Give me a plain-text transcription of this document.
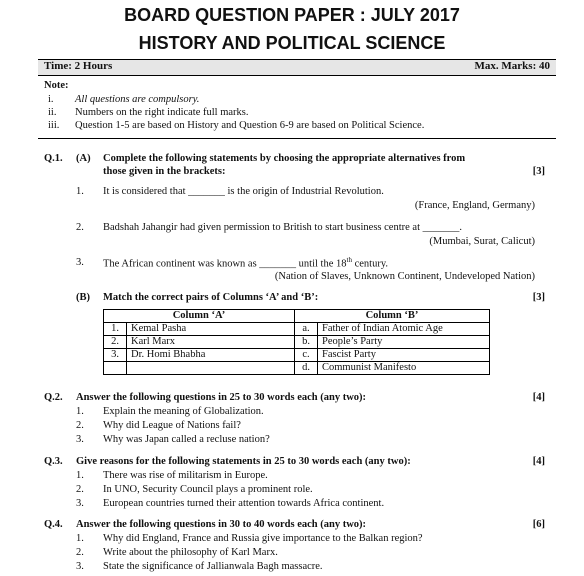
BOARD QUESTION PAPER : JULY 2017
HISTORY AND POLITICAL SCIENCE
Time: 2 Hours	Max. Marks: 40
Note:
i. All questions are compulsory.
ii. Numbers on the right indicate full marks.
iii. Question 1-5 are based on History and Question 6-9 are based on Political Science.
Q.1. (A) Complete the following statements by choosing the appropriate alternatives from
those given in the brackets:	[3]
1. It is considered that _______ is the origin of Industrial Revolution.
(France, England, Germany)
2. Badshah Jahangir had given permission to British to start business centre at _______.
(Mumbai, Surat, Calicut)
3. The African continent was known as _______ until the 18th century.
(Nation of Slaves, Unknown Continent, Undeveloped Nation)
(B) Match the correct pairs of Columns ‘A’ and ‘B’:	[3]
Column ‘A’		Column ‘B’	
1.	Kemal Pasha	a.	Father of Indian Atomic Age
2.	Karl Marx	b.	People’s Party
3.	Dr. Homi Bhabha	c.	Fascist Party
		d.	Communist Manifesto
Q.2. Answer the following questions in 25 to 30 words each (any two):	[4]
1. Explain the meaning of Globalization.
2. Why did League of Nations fail?
3. Why was Japan called a recluse nation?
Q.3. Give reasons for the following statements in 25 to 30 words each (any two):	[4]
1. There was rise of militarism in Europe.
2. In UNO, Security Council plays a prominent role.
3. European countries turned their attention towards Africa continent.
Q.4. Answer the following questions in 30 to 40 words each (any two):	[6]
1. Why did England, France and Russia give importance to the Balkan region?
2. Write about the philosophy of Karl Marx.
3. State the significance of Jallianwala Bagh massacre.
